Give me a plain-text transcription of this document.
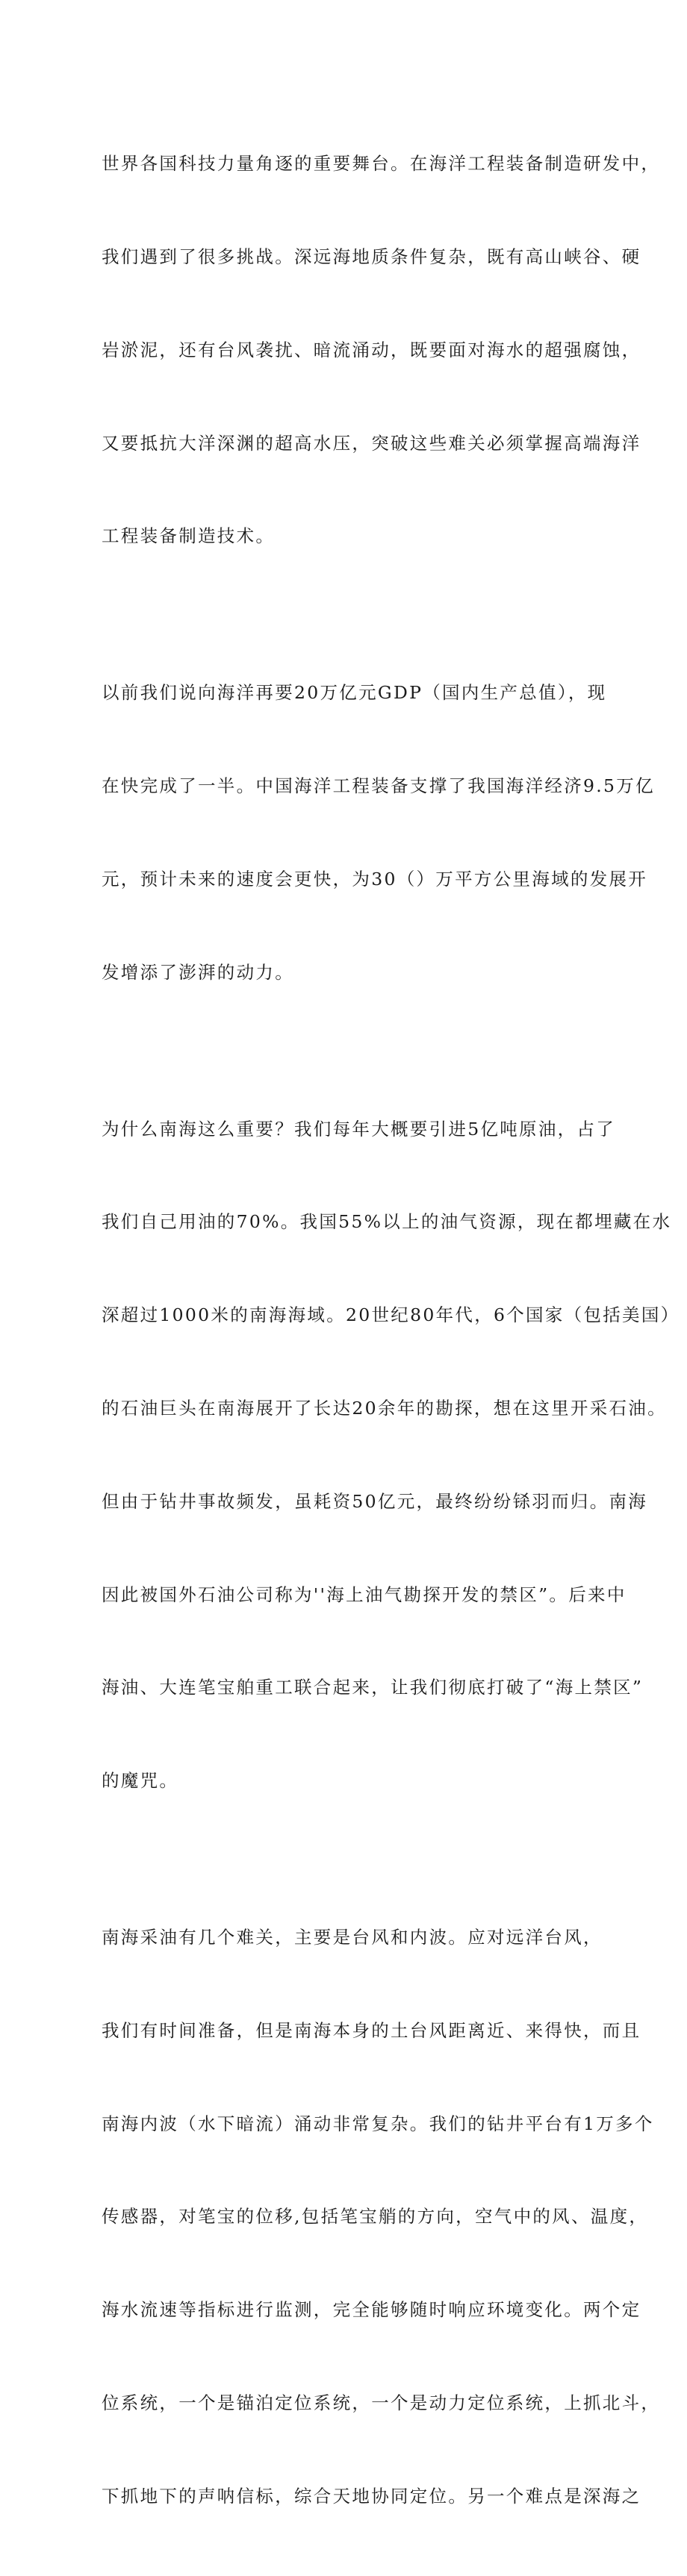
世界各国科技力量角逐的重要舞台。在海洋工程装备制造研发中，

我们遇到了很多挑战。深远海地质条件复杂，既有高山峡谷、硬

岩淤泥，还有台风袭扰、暗流涌动，既要面对海水的超强腐蚀，

又要抵抗大洋深渊的超高水压，突破这些难关必须掌握高端海洋

工程装备制造技术。

以前我们说向海洋再要20万亿元GDP（国内生产总值），现

在快完成了一半。中国海洋工程装备支撑了我国海洋经济9.5万亿

元，预计未来的速度会更快，为30（）万平方公里海域的发展开

发增添了澎湃的动力。

为什么南海这么重要？我们每年大概要引进5亿吨原油，占了

我们自己用油的70%。我国55%以上的油气资源，现在都埋藏在水

深超过1000米的南海海域。20世纪80年代，6个国家（包括美国）

的石油巨头在南海展开了长达20余年的勘探，想在这里开采石油。

但由于钻井事故频发，虽耗资50亿元，最终纷纷铩羽而归。南海

因此被国外石油公司称为''海上油气勘探开发的禁区”。后来中

海油、大连笔宝舶重工联合起来，让我们彻底打破了“海上禁区”

的魔咒。

南海采油有几个难关，主要是台风和内波。应对远洋台风，

我们有时间准备，但是南海本身的土台风距离近、来得快，而且

南海内波（水下暗流）涌动非常复杂。我们的钻井平台有1万多个

传感器，对笔宝的位移,包括笔宝艄的方向，空气中的风、温度，

海水流速等指标进行监测，完全能够随时响应环境变化。两个定

位系统，一个是锚泊定位系统，一个是动力定位系统，上抓北斗，

下抓地下的声呐信标，综合天地协同定位。另一个难点是深海之
